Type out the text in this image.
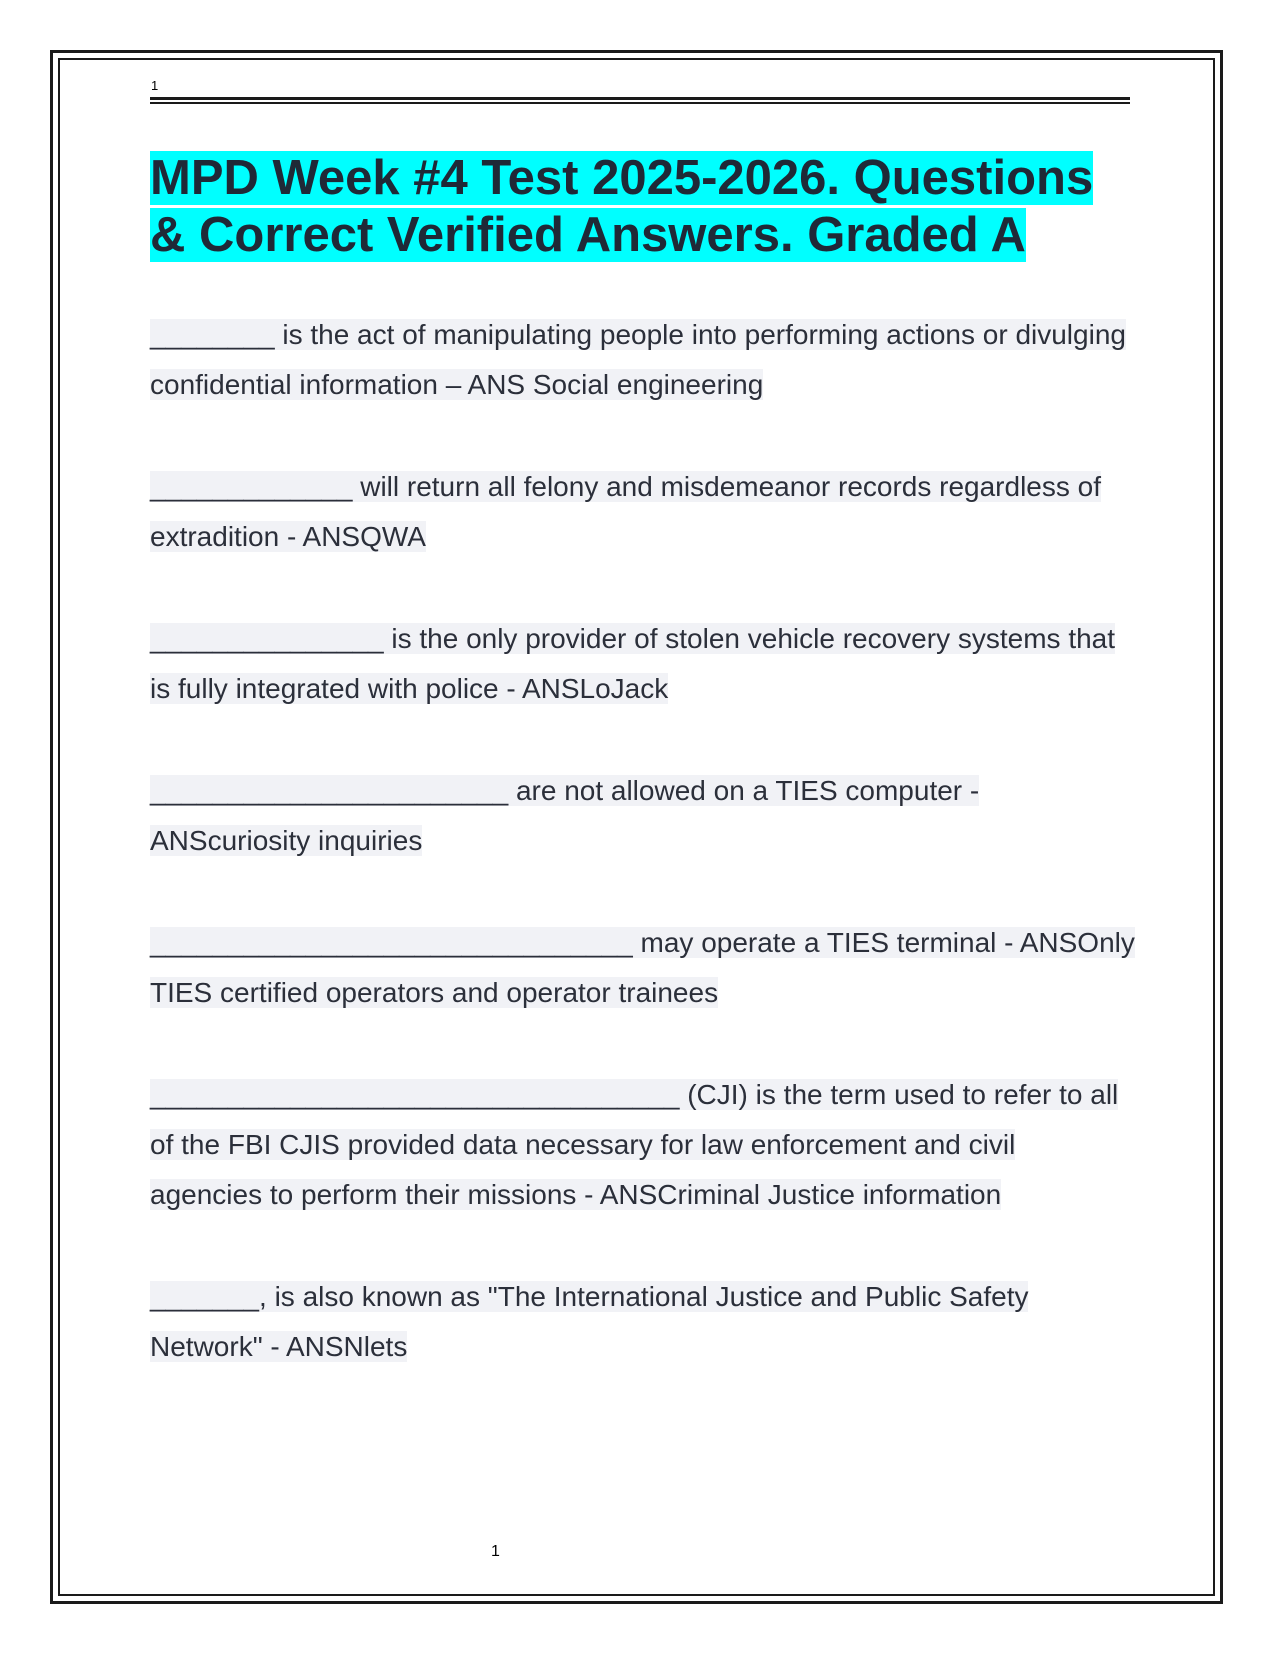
1
MPD Week #4 Test 2025-2026. Questions & Correct Verified Answers. Graded A

________ is the act of manipulating people into performing actions or divulging confidential information – ANS Social engineering

_____________ will return all felony and misdemeanor records regardless of extradition - ANSQWA

_______________ is the only provider of stolen vehicle recovery systems that is fully integrated with police - ANSLoJack

_______________________ are not allowed on a TIES computer - ANScuriosity inquiries

_______________________________ may operate a TIES terminal - ANSOnly TIES certified operators and operator trainees

__________________________________ (CJI) is the term used to refer to all of the FBI CJIS provided data necessary for law enforcement and civil agencies to perform their missions - ANSCriminal Justice information

_______, is also known as "The International Justice and Public Safety Network" - ANSNlets

1
